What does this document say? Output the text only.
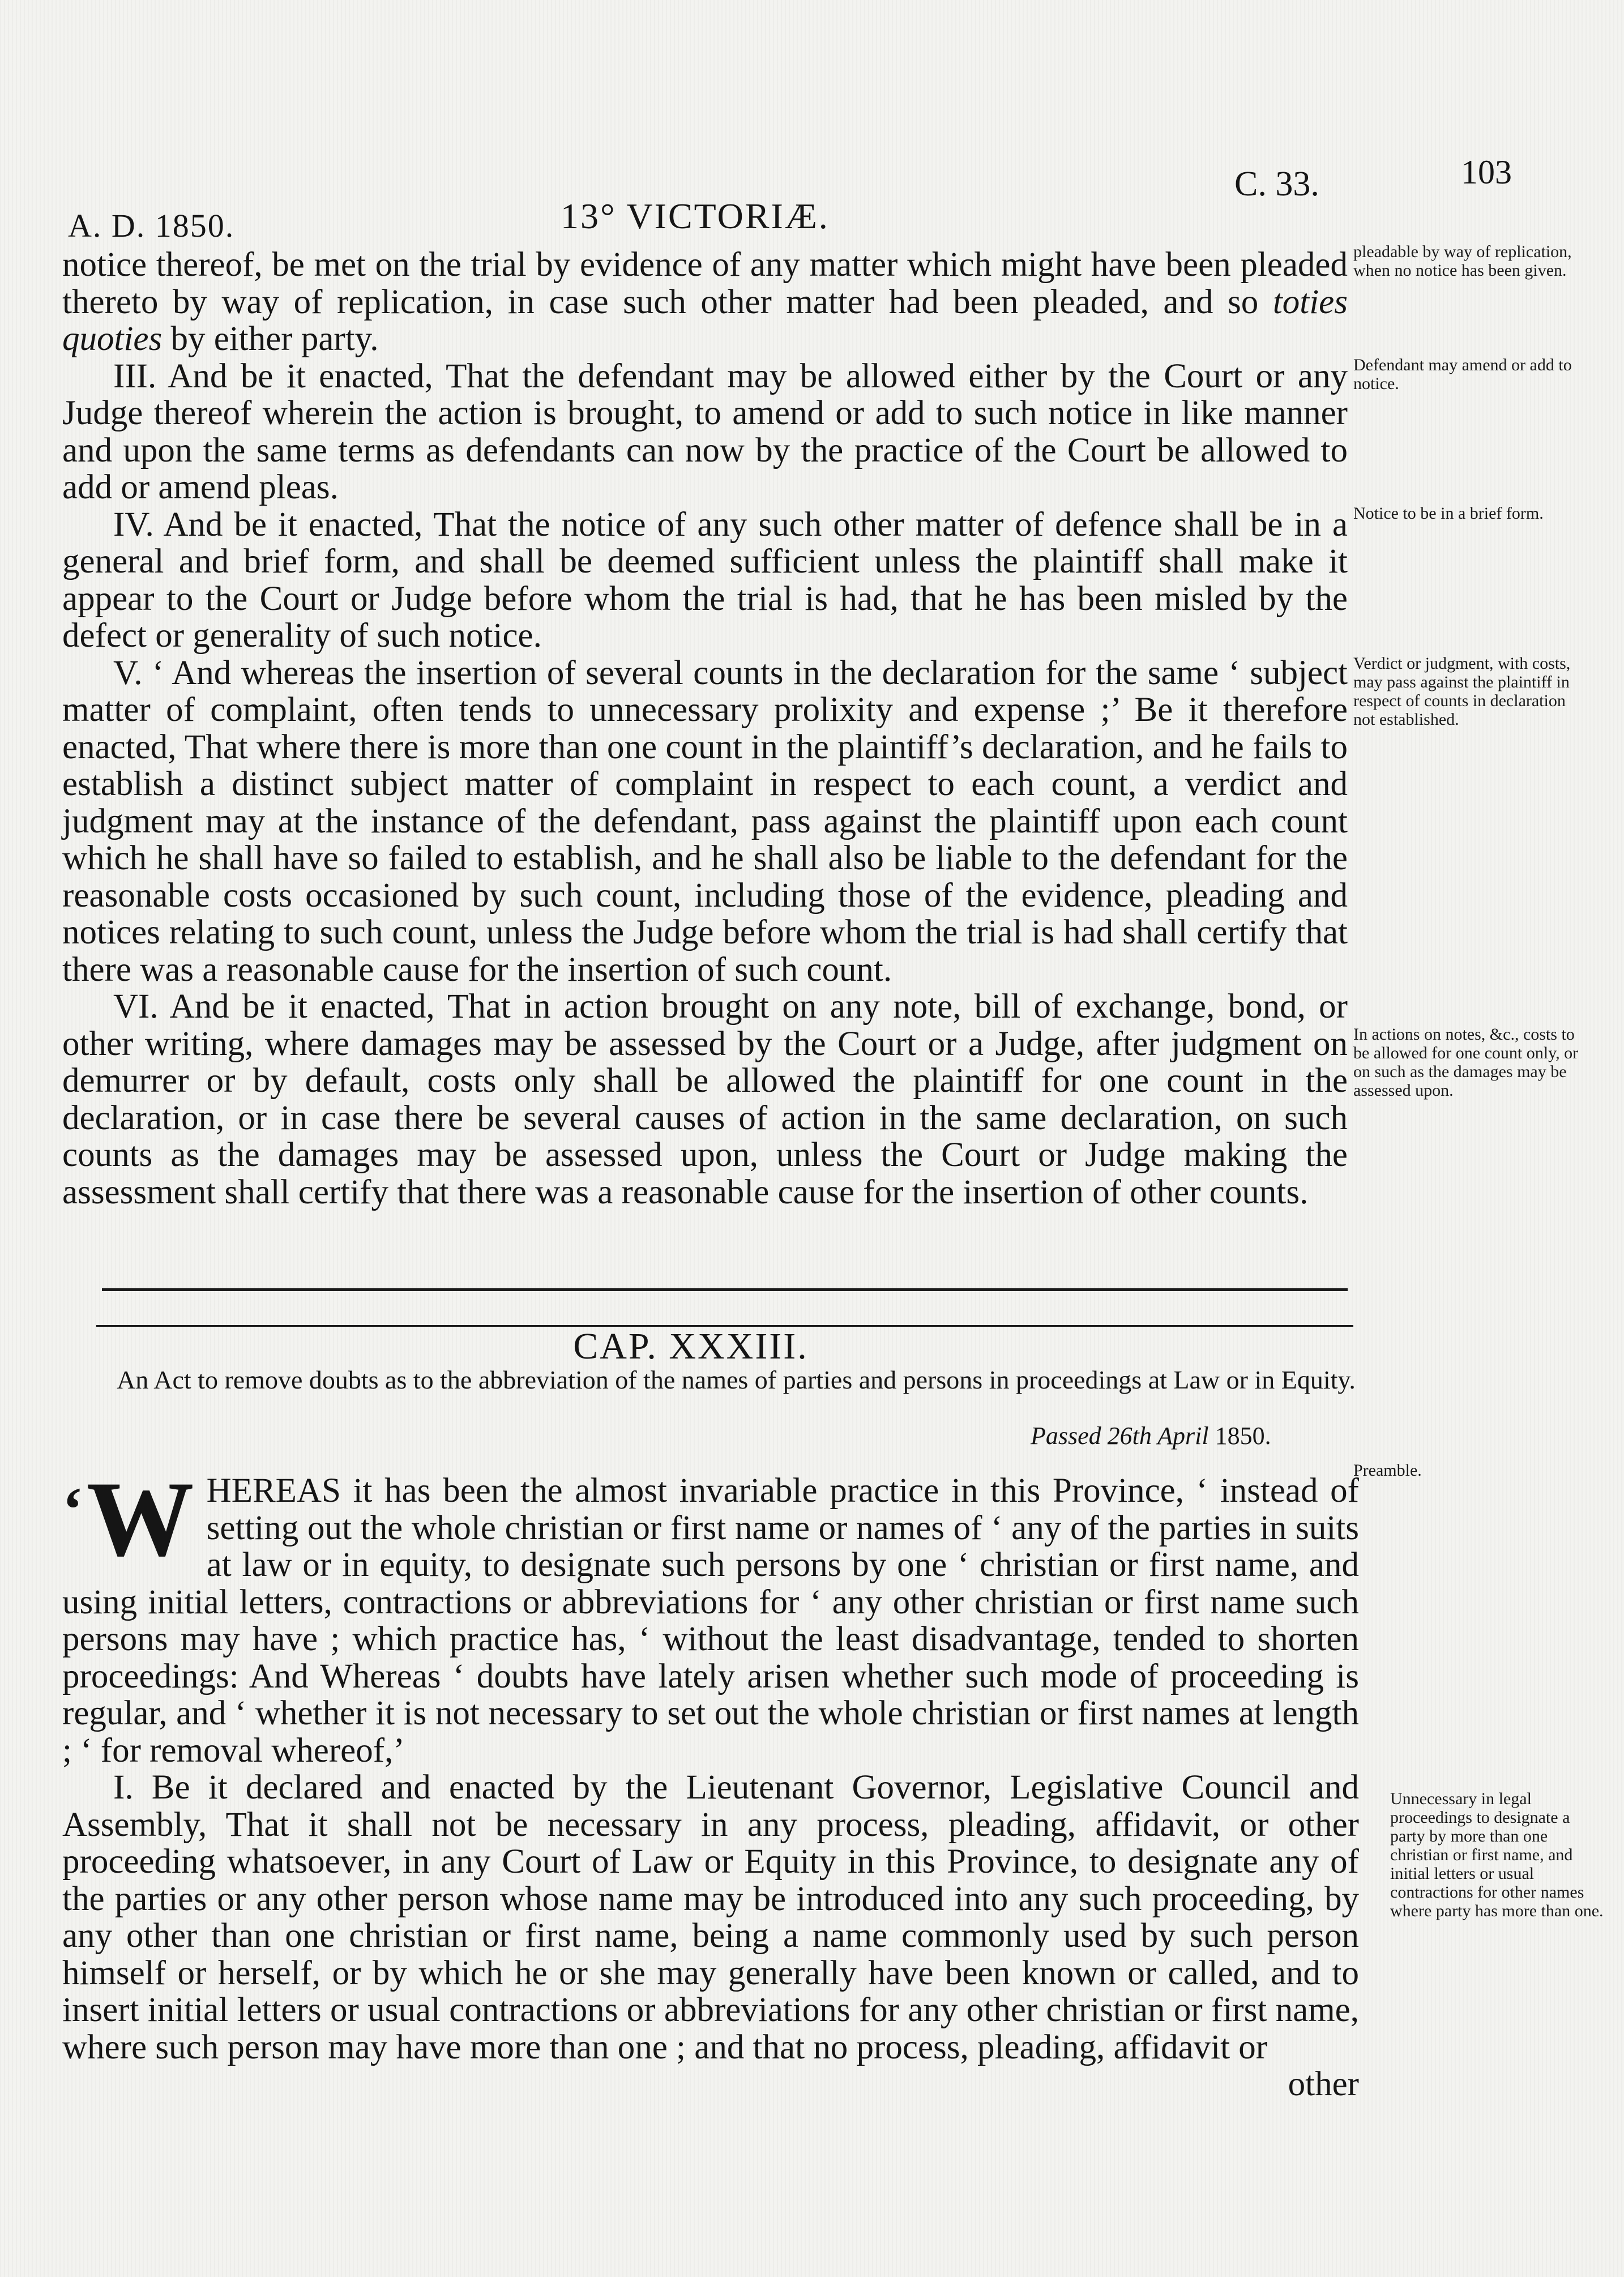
A. D. 1850.	13° VICTORIÆ.
C. 33.	103

notice thereof, be met on the trial by evidence of any matter which might have been pleaded thereto by way of replication, in case such other matter had been pleaded, and so toties quoties by either party.

III. And be it enacted, That the defendant may be allowed either by the Court or any Judge thereof wherein the action is brought, to amend or add to such notice in like manner and upon the same terms as defendants can now by the practice of the Court be allowed to add or amend pleas.

IV. And be it enacted, That the notice of any such other matter of defence shall be in a general and brief form, and shall be deemed sufficient unless the plaintiff shall make it appear to the Court or Judge before whom the trial is had, that he has been misled by the defect or generality of such notice.

V. ‘ And whereas the insertion of several counts in the declaration for the same ‘ subject matter of complaint, often tends to unnecessary prolixity and expense ;’ Be it therefore enacted, That where there is more than one count in the plaintiff’s declaration, and he fails to establish a distinct subject matter of complaint in respect to each count, a verdict and judgment may at the instance of the defendant, pass against the plaintiff upon each count which he shall have so failed to establish, and he shall also be liable to the defendant for the reasonable costs occasioned by such count, including those of the evidence, pleading and notices relating to such count, unless the Judge before whom the trial is had shall certify that there was a reasonable cause for the insertion of such count.

VI. And be it enacted, That in action brought on any note, bill of exchange, bond, or other writing, where damages may be assessed by the Court or a Judge, after judgment on demurrer or by default, costs only shall be allowed the plaintiff for one count in the declaration, or in case there be several causes of action in the same declaration, on such counts as the damages may be assessed upon, unless the Court or Judge making the assessment shall certify that there was a reasonable cause for the insertion of other counts.

pleadable by way of replication, when no notice has been given.
Defendant may amend or add to notice.
Notice to be in a brief form.
Verdict or judgment, with costs, may pass against the plaintiff in respect of counts in declaration not established.
In actions on notes, &c., costs to be allowed for one count only, or on such as the damages may be assessed upon.
Preamble.
Unnecessary in legal proceedings to designate a party by more than one christian or first name, and initial letters or usual contractions for other names where party has more than one.
CAP. XXXIII.
An Act to remove doubts as to the abbreviation of the names of parties and persons in proceedings at Law or in Equity.
Passed 26th April 1850.

‘ W HEREAS it has been the almost invariable practice in this Province, ‘ instead of setting out the whole christian or first name or names of ‘ any of the parties in suits at law or in equity, to designate such persons by one ‘ christian or first name, and using initial letters, contractions or abbreviations for ‘ any other christian or first name such persons may have ; which practice has, ‘ without the least disadvantage, tended to shorten proceedings: And Whereas ‘ doubts have lately arisen whether such mode of proceeding is regular, and ‘ whether it is not necessary to set out the whole christian or first names at length ; ‘ for removal whereof,’

I. Be it declared and enacted by the Lieutenant Governor, Legislative Council and Assembly, That it shall not be necessary in any process, pleading, affidavit, or other proceeding whatsoever, in any Court of Law or Equity in this Province, to designate any of the parties or any other person whose name may be introduced into any such proceeding, by any other than one christian or first name, being a name commonly used by such person himself or herself, or by which he or she may generally have been known or called, and to insert initial letters or usual contractions or abbreviations for any other christian or first name, where such person may have more than one ; and that no process, pleading, affidavit or

other
